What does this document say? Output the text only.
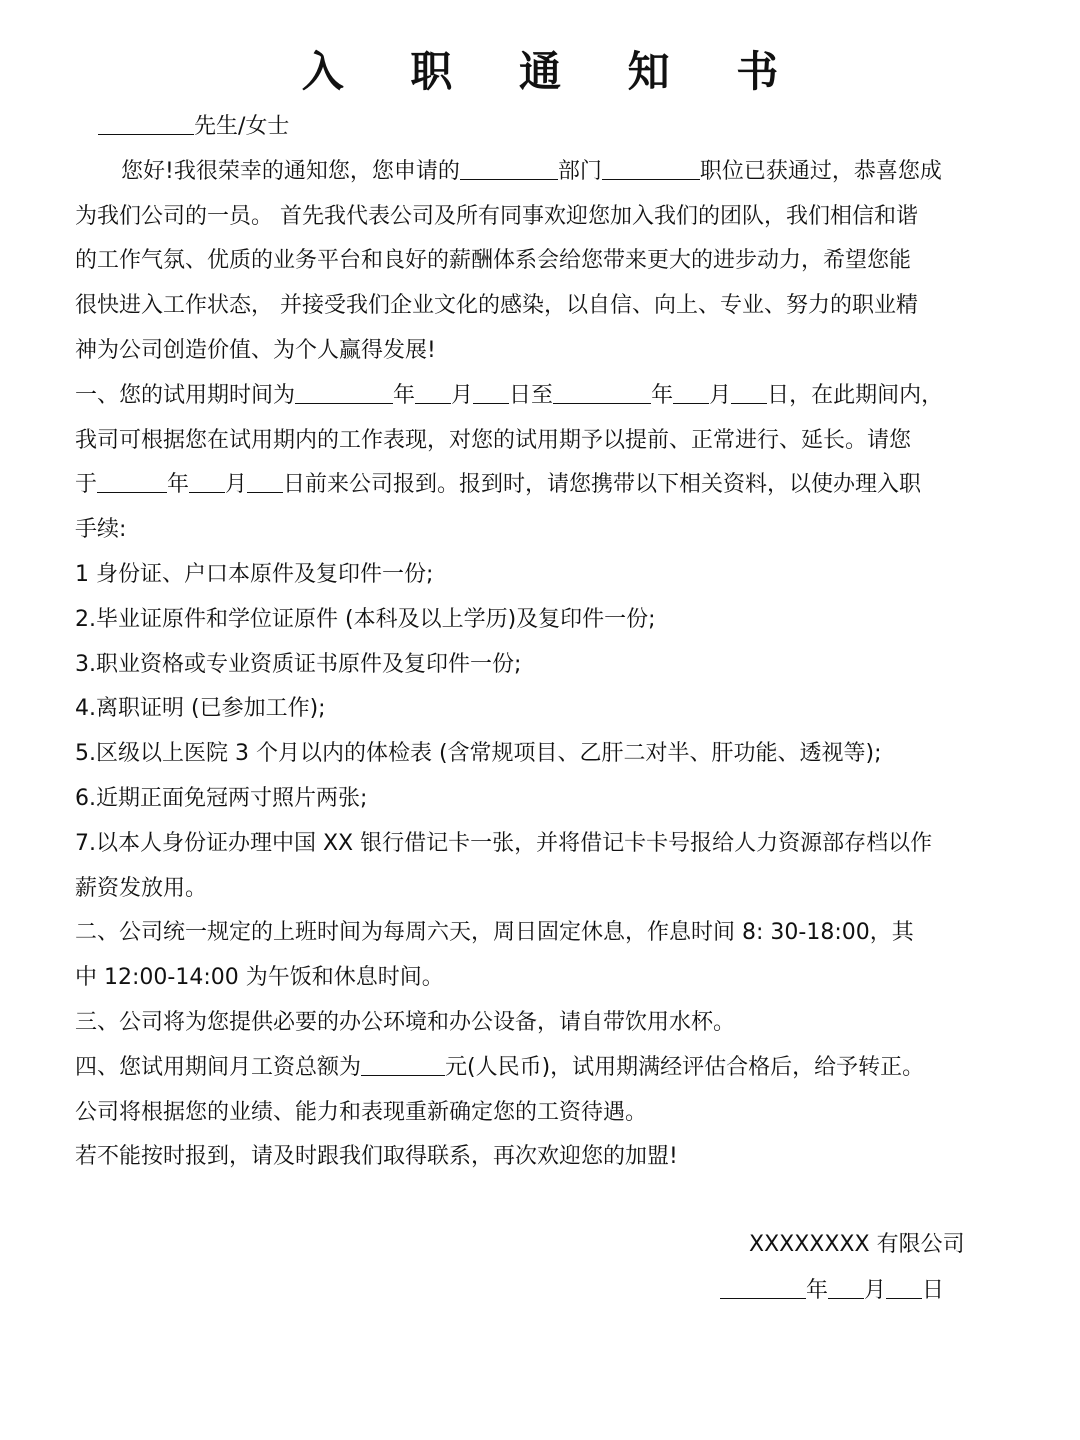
入 职 通 知 书
先生/女士
您好!我很荣幸的通知您，您申请的	部门	职位已获通过，恭喜您成
为我们公司的一员。 首先我代表公司及所有同事欢迎您加入我们的团队，我们相信和谐
的工作气氛、优质的业务平台和良好的薪酬体系会给您带来更大的进步动力，希望您能
很快进入工作状态， 并接受我们企业文化的感染，以自信、向上、专业、努力的职业精
神为公司创造价值、为个人赢得发展!
一、您的试用期时间为	年 月 日至	年 月 日，在此期间内，
我司可根据您在试用期内的工作表现，对您的试用期予以提前、正常进行、延长。请您
于	年 月 日前来公司报到。报到时，请您携带以下相关资料，以使办理入职
手续:
1 身份证、户口本原件及复印件一份;
2.毕业证原件和学位证原件 (本科及以上学历)及复印件一份;
3.职业资格或专业资质证书原件及复印件一份;
4.离职证明 (已参加工作);
5.区级以上医院 3 个月以内的体检表 (含常规项目、乙肝二对半、肝功能、透视等);
6.近期正面免冠两寸照片两张;
7.以本人身份证办理中国 XX 银行借记卡一张，并将借记卡卡号报给人力资源部存档以作
薪资发放用。
二、公司统一规定的上班时间为每周六天，周日固定休息，作息时间 8: 30-18:00，其
中 12:00-14:00 为午饭和休息时间。
三、公司将为您提供必要的办公环境和办公设备，请自带饮用水杯。
四、您试用期间月工资总额为	元(人民币)，试用期满经评估合格后，给予转正。
公司将根据您的业绩、能力和表现重新确定您的工资待遇。
若不能按时报到，请及时跟我们取得联系，再次欢迎您的加盟!
XXXXXXXX 有限公司
年 月 日
